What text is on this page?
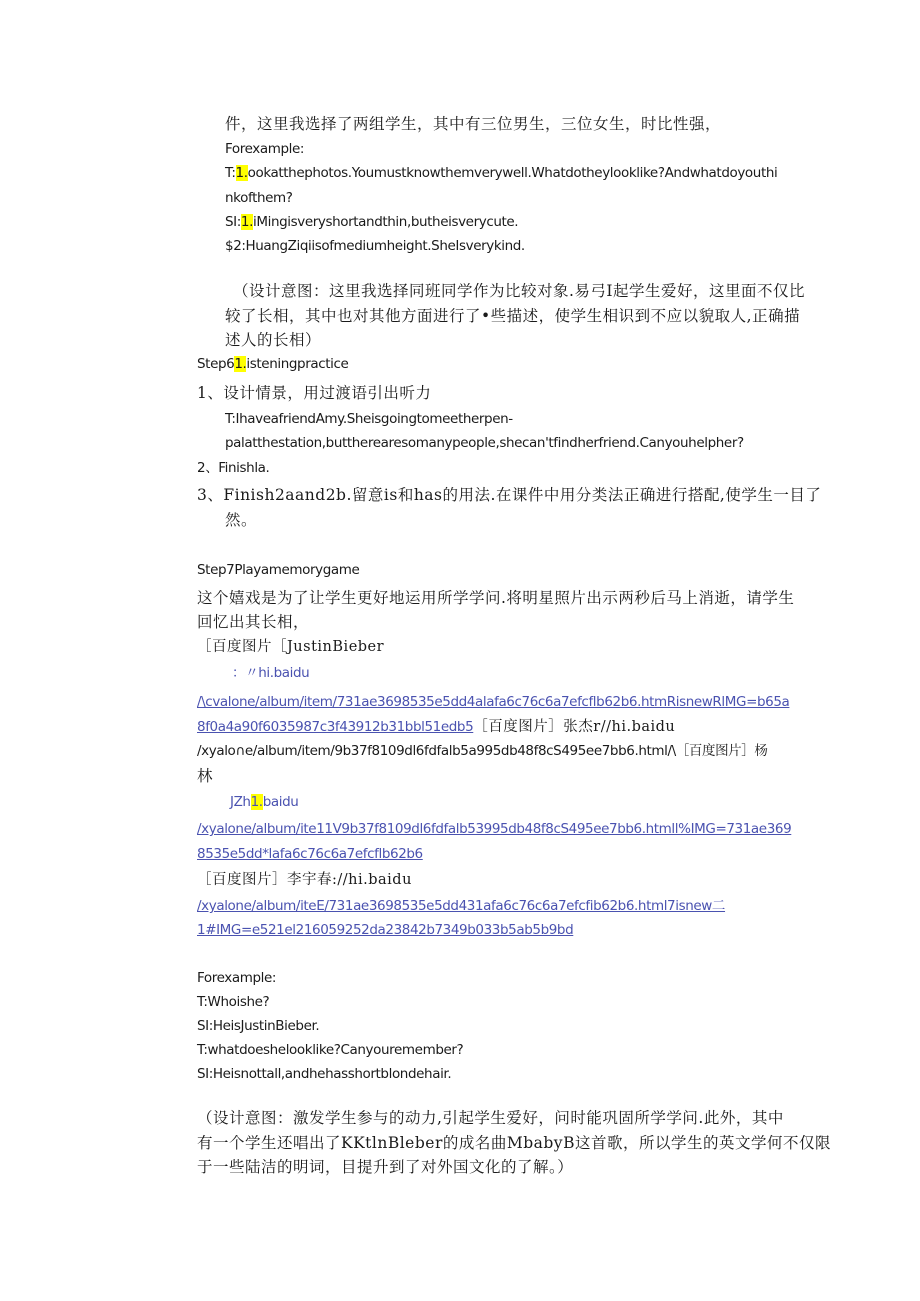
件，这里我选择了两组学生，其中有三位男生，三位女生，时比性强，
Forexample:
T:1.ookatthephotos.Youmustknowthemverywell.Whatdotheylooklike?Andwhatdoyouthi
nkofthem?
SI:1.iMingisveryshortandthin,butheisverycute.
$2:HuangZiqiisofmediumheight.SheIsverykind.
（设计意图：这里我选择同班同学作为比较对象.易弓I起学生爱好，这里面不仅比
较了长相，其中也对其他方面进行了•些描述，使学生相识到不应以貌取人,正确描
述人的长相）
Step61.isteningpractice
1、设计情景，用过渡语引出听力
T:IhaveafriendAmy.Sheisgoingtomeetherpen-
palatthestation,buttherearesomanypeople,shecan'tfindherfriend.Canyouhelpher?
2、Finishla.
3、Finish2aand2b.留意is和has的用法.在课件中用分类法正确进行搭配,使学生一目了
然。
Step7Playamemorygame
这个嬉戏是为了让学生更好地运用所学学问.将明星照片出示两秒后马上消逝，请学生
回忆出其长相，
［百度图片［JustinBieber
：〃hi.baidu
/\cvalone/album/item/731ae3698535e5dd4alafa6c76c6a7efcflb62b6.htmRisnewRlMG=b65a
8f0a4a90f6035987c3f43912b31bbl51edb5［百度图片］张杰r//hi.baidu
/xyalo∩e/album/item/9b37f8109dl6fdfalb5a995db48f8cS495ee7bb6.html/\［百度图片］杨
林
JZh1.baidu
/xyalone/album/ite11V9b37f8109dl6fdfalb53995db48f8cS495ee7bb6.htmll%IMG=731ae369
8535e5dd*lafa6c76c6a7efcflb62b6
［百度图片］李宇春://hi.baidu
/xyalone/album/iteE/731ae3698535e5dd431afa6c76c6a7efcfib62b6.html7isnew二
1#IMG=e521el216059252da23842b7349b033b5ab5b9bd
Forexample:
T:Whoishe?
SI:HeisJustinBieber.
T:whatdoeshelooklike?Canyouremember?
SI:Heisnottall,andhehasshortblondehair.
（设计意图：激发学生参与的动力,引起学生爱好，问时能巩固所学学问.此外，其中
有一个学生还唱出了KKtlnBleber的成名曲MbabyB这首歌，所以学生的英文学何不仅限
于一些陆洁的明词，目提升到了对外国文化的了解。）
